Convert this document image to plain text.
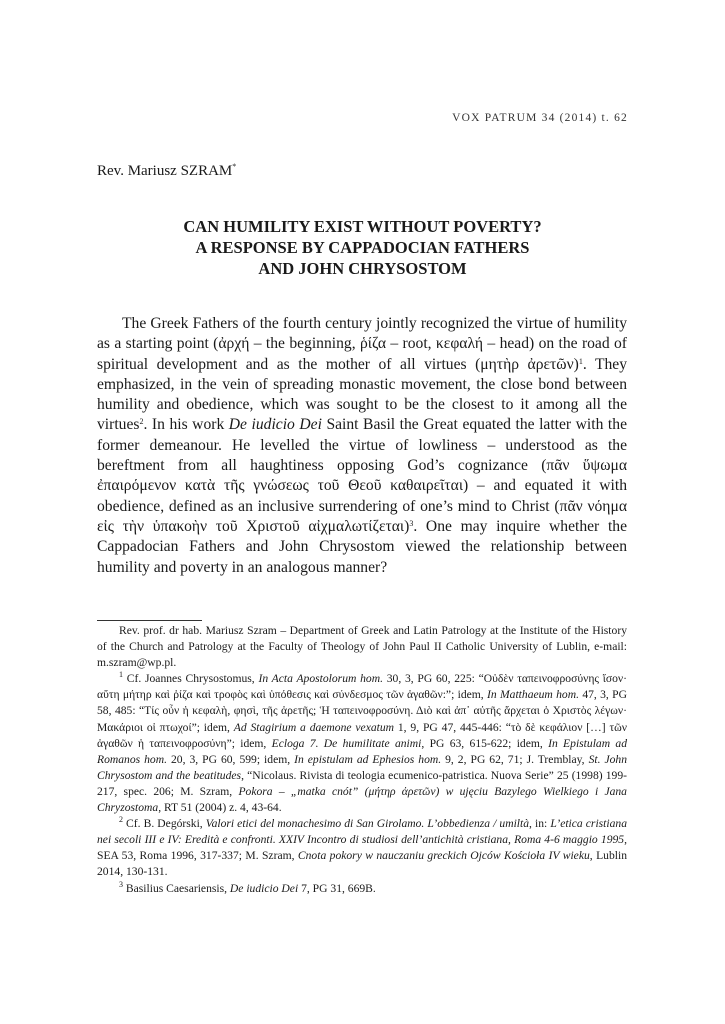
VOX PATRUM 34 (2014) t. 62
Rev. Mariusz SZRAM*
CAN HUMILITY EXIST WITHOUT POVERTY?
A RESPONSE BY CAPPADOCIAN FATHERS
AND JOHN CHRYSOSTOM

The Greek Fathers of the fourth century jointly recognized the virtue of humility as a starting point (ἀρχή – the beginning, ῥίζα – root, κεφαλή – head) on the road of spiritual development and as the mother of all virtues (μητὴρ ἀρετῶν)$^1$. They emphasized, in the vein of spreading monastic movement, the close bond between humility and obedience, which was sought to be the closest to it among all the virtues$^2$. In his work De iudicio Dei Saint Basil the Great equated the latter with the former demeanour. He levelled the virtue of lowliness – understood as the bereftment from all haughtiness opposing God’s cognizance (πᾶν ὕψωμα ἐπαιρόμενον κατὰ τῆς γνώσεως τοῦ Θεοῦ καθαιρεῖται) – and equated it with obedience, defined as an inclusive surrendering of one’s mind to Christ (πᾶν νόημα εἰς τὴν ὑπακοὴν τοῦ Χριστοῦ αἰχμαλωτίζεται)$^3$. One may inquire whether the Cappadocian Fathers and John Chrysostom viewed the relationship between humility and poverty in an analogous manner?

Rev. prof. dr hab. Mariusz Szram – Department of Greek and Latin Patrology at the Institute of the History of the Church and Patrology at the Faculty of Theology of John Paul II Catholic University of Lublin, e-mail: m.szram@wp.pl.

$^1$ Cf. Joannes Chrysostomus, In Acta Apostolorum hom. 30, 3, PG 60, 225: “Οὐδὲν ταπεινοφροσύνης ἴσον· αὕτη μήτηρ καὶ ῥίζα καὶ τροφὸς καὶ ὑπόθεσις καὶ σύνδεσμος τῶν ἀγαθῶν:”; idem, In Matthaeum hom. 47, 3, PG 58, 485: “Τίς οὖν ἡ κεφαλὴ, φησὶ, τῆς ἀρετῆς; Ἡ ταπεινοφροσύνη. Διὸ καὶ ἀπ᾽ αὐτῆς ἄρχεται ὁ Χριστὸς λέγων· Μακάριοι οἱ πτωχοί”; idem, Ad Stagirium a daemone vexatum 1, 9, PG 47, 445-446: “τὸ δὲ κεφάλιον […] τῶν ἀγαθῶν ἡ ταπεινοφροσύνη”; idem, Ecloga 7. De humilitate animi, PG 63, 615-622; idem, In Epistulam ad Romanos hom. 20, 3, PG 60, 599; idem, In epistulam ad Ephesios hom. 9, 2, PG 62, 71; J. Tremblay, St. John Chrysostom and the beatitudes, “Nicolaus. Rivista di teologia ecumenico-patristica. Nuova Serie” 25 (1998) 199-217, spec. 206; M. Szram, Pokora – „matka cnót” (μήτηρ ἀρετῶν) w ujęciu Bazylego Wielkiego i Jana Chryzostoma, RT 51 (2004) z. 4, 43-64.

$^2$ Cf. B. Degórski, Valori etici del monachesimo di San Girolamo. L’obbedienza / umiltà, in: L’etica cristiana nei secoli III e IV: Eredità e confronti. XXIV Incontro di studiosi dell’antichità cristiana, Roma 4-6 maggio 1995, SEA 53, Roma 1996, 317-337; M. Szram, Cnota pokory w nauczaniu greckich Ojców Kościoła IV wieku, Lublin 2014, 130-131.

$^3$ Basilius Caesariensis, De iudicio Dei 7, PG 31, 669B.
